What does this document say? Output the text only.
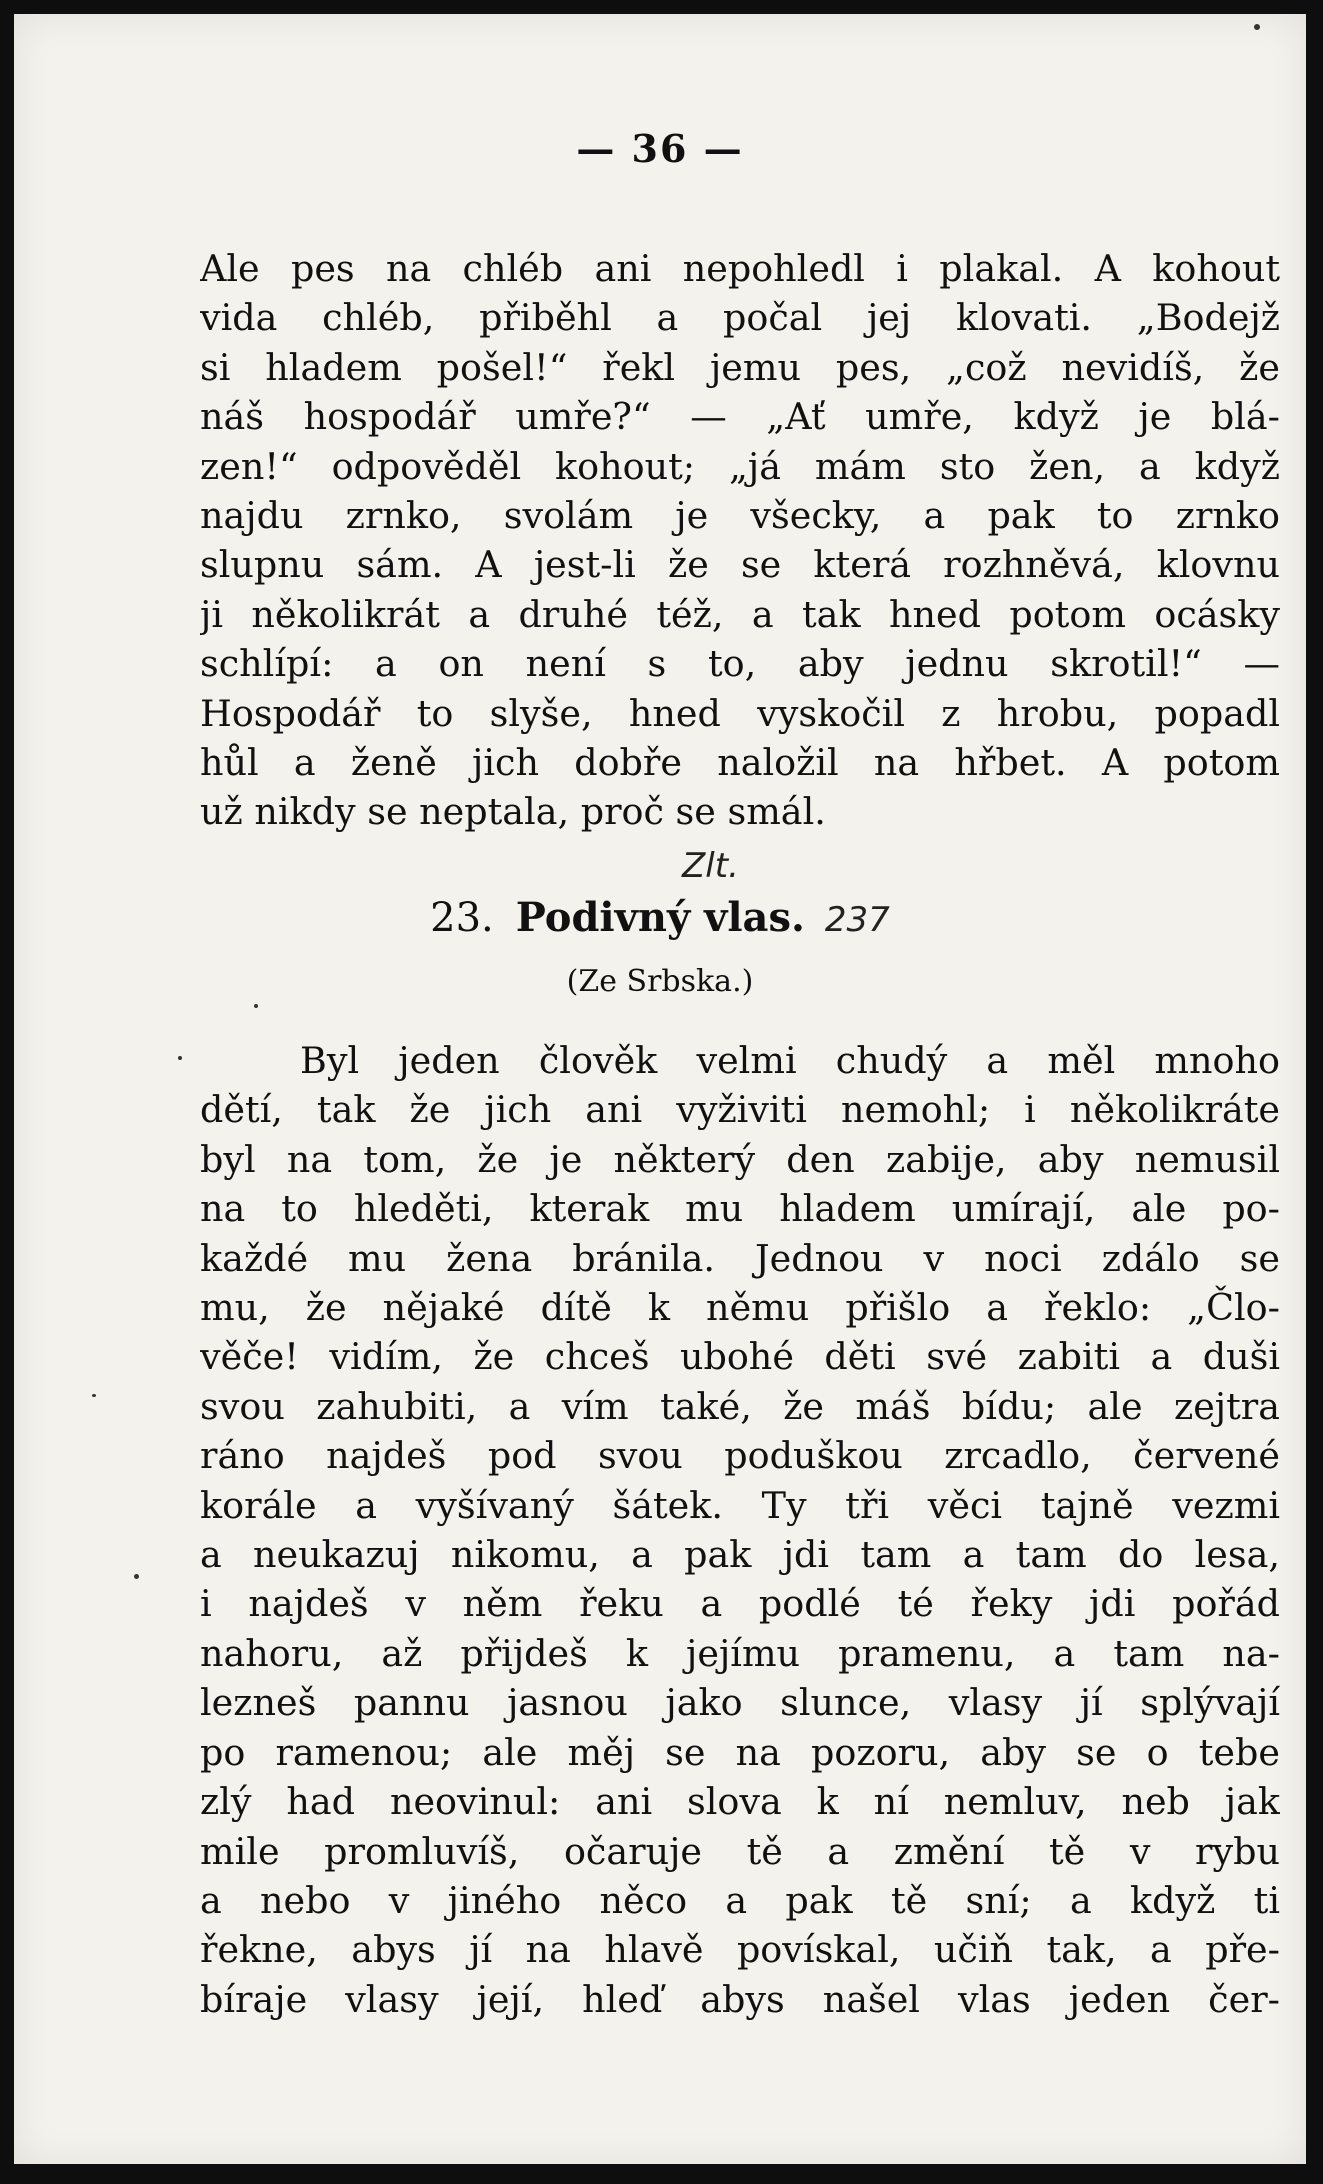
— 36 —
Ale pes na chléb ani nepohledl i plakal. A kohout
vida chléb, přiběhl a počal jej klovati. „Bodejž
si hladem pošel!“ řekl jemu pes, „což nevidíš, že
náš hospodář umře?“ — „Ať umře, když je blá-
zen!“ odpověděl kohout; „já mám sto žen, a když
najdu zrnko, svolám je všecky, a pak to zrnko
slupnu sám. A jest-li že se která rozhněvá, klovnu
ji několikrát a druhé též, a tak hned potom ocásky
schlípí: a on není s to, aby jednu skrotil!“ —
Hospodář to slyše, hned vyskočil z hrobu, popadl
hůl a ženě jich dobře naložil na hřbet. A potom
už nikdy se neptala, proč se smál.
Zlt.
23. Podivný vlas. 237
(Ze Srbska.)
Byl jeden člověk velmi chudý a měl mnoho
dětí, tak že jich ani vyživiti nemohl; i několikráte
byl na tom, že je některý den zabije, aby nemusil
na to hleděti, kterak mu hladem umírají, ale po-
každé mu žena bránila. Jednou v noci zdálo se
mu, že nějaké dítě k němu přišlo a řeklo: „Člo-
věče! vidím, že chceš ubohé děti své zabiti a duši
svou zahubiti, a vím také, že máš bídu; ale zejtra
ráno najdeš pod svou poduškou zrcadlo, červené
korále a vyšívaný šátek. Ty tři věci tajně vezmi
a neukazuj nikomu, a pak jdi tam a tam do lesa,
i najdeš v něm řeku a podlé té řeky jdi pořád
nahoru, až přijdeš k jejímu pramenu, a tam na-
lezneš pannu jasnou jako slunce, vlasy jí splývají
po ramenou; ale měj se na pozoru, aby se o tebe
zlý had neovinul: ani slova k ní nemluv, neb jak
mile promluvíš, očaruje tě a změní tě v rybu
a nebo v jiného něco a pak tě sní; a když ti
řekne, abys jí na hlavě povískal, učiň tak, a pře-
bíraje vlasy její, hleď abys našel vlas jeden čer-
